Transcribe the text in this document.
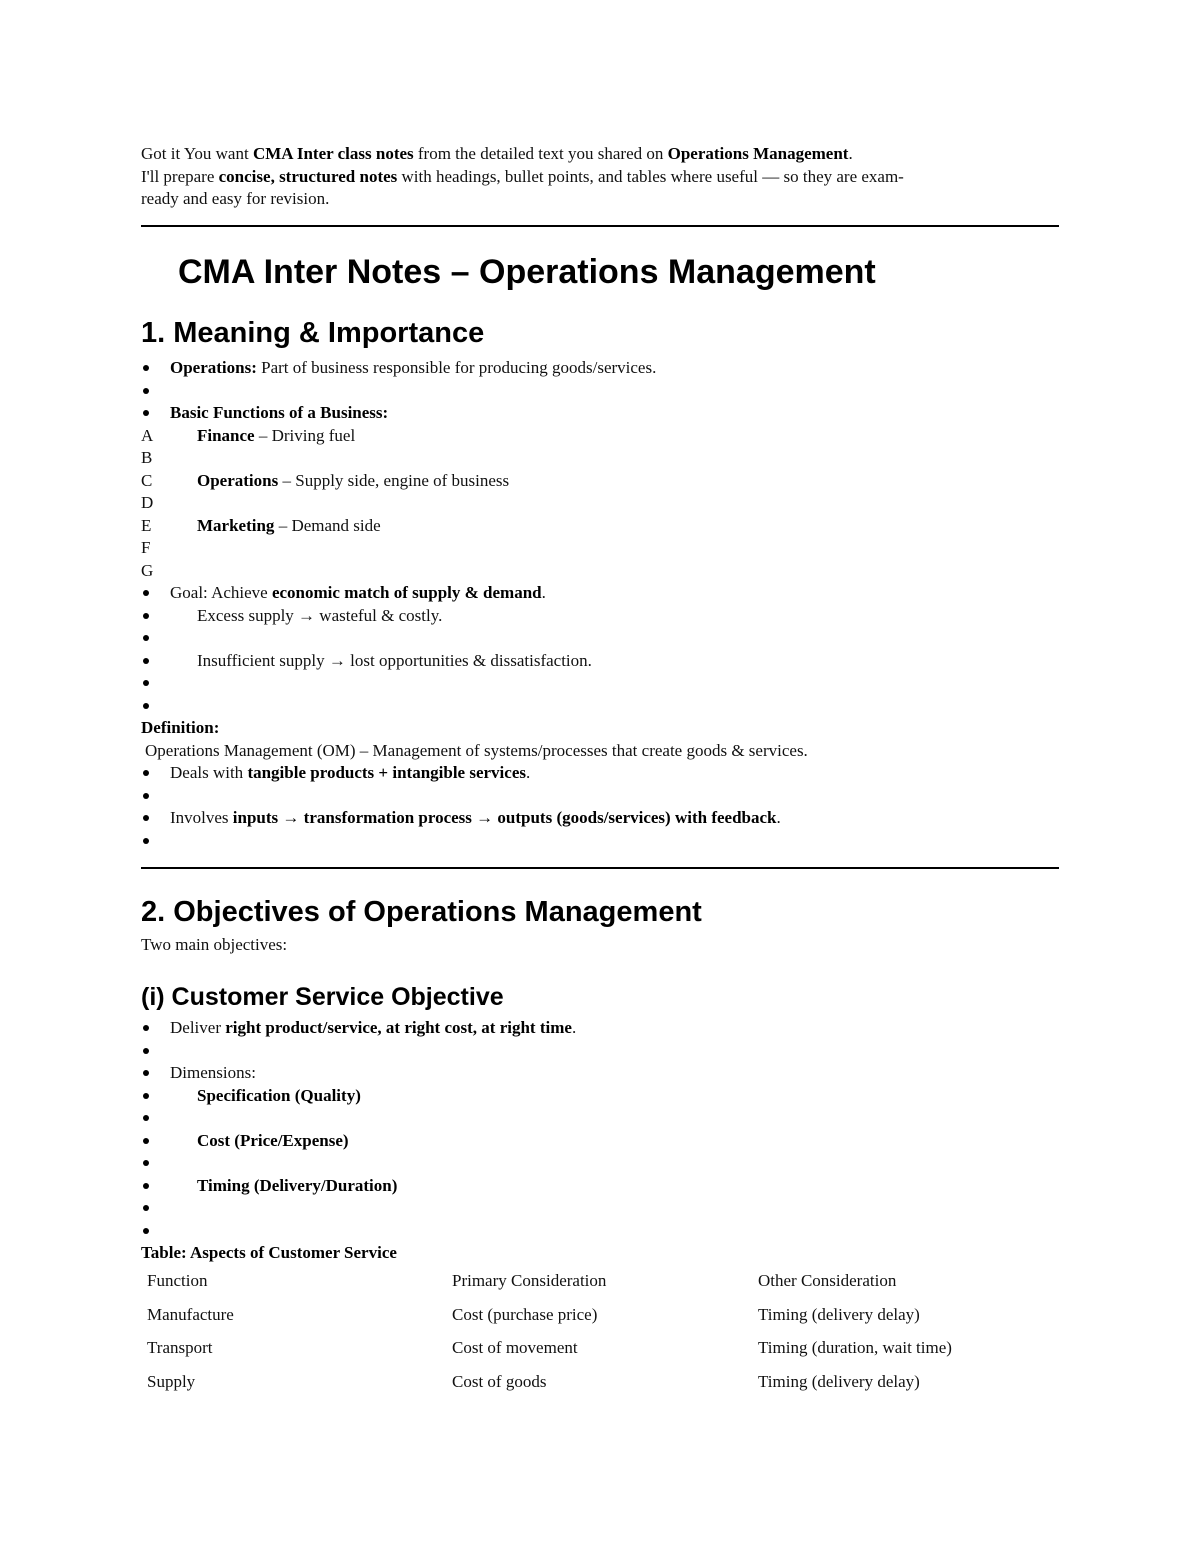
Got it You want CMA Inter class notes from the detailed text you shared on Operations Management.

I'll prepare concise, structured notes with headings, bullet points, and tables where useful — so they are exam-

ready and easy for revision.

CMA Inter Notes – Operations Management
1. Meaning & Importance
Operations: Part of business responsible for producing goods/services.
Basic Functions of a Business:
A	Finance – Driving fuel
B
C	Operations – Supply side, engine of business
D
E	Marketing – Demand side
F
G
Goal: Achieve economic match of supply & demand.
Excess supply → wasteful & costly.
Insufficient supply → lost opportunities & dissatisfaction.
Definition:
Operations Management (OM) – Management of systems/processes that create goods & services.
Deals with tangible products + intangible services.
Involves inputs → transformation process → outputs (goods/services) with feedback.
2. Objectives of Operations Management
Two main objectives:
(i) Customer Service Objective
Deliver right product/service, at right cost, at right time.
Dimensions:
Specification (Quality)
Cost (Price/Expense)
Timing (Delivery/Duration)
Table: Aspects of Customer Service
Function	Primary Consideration	Other Consideration
Manufacture	Cost (purchase price)	Timing (delivery delay)
Transport	Cost of movement	Timing (duration, wait time)
Supply	Cost of goods	Timing (delivery delay)
